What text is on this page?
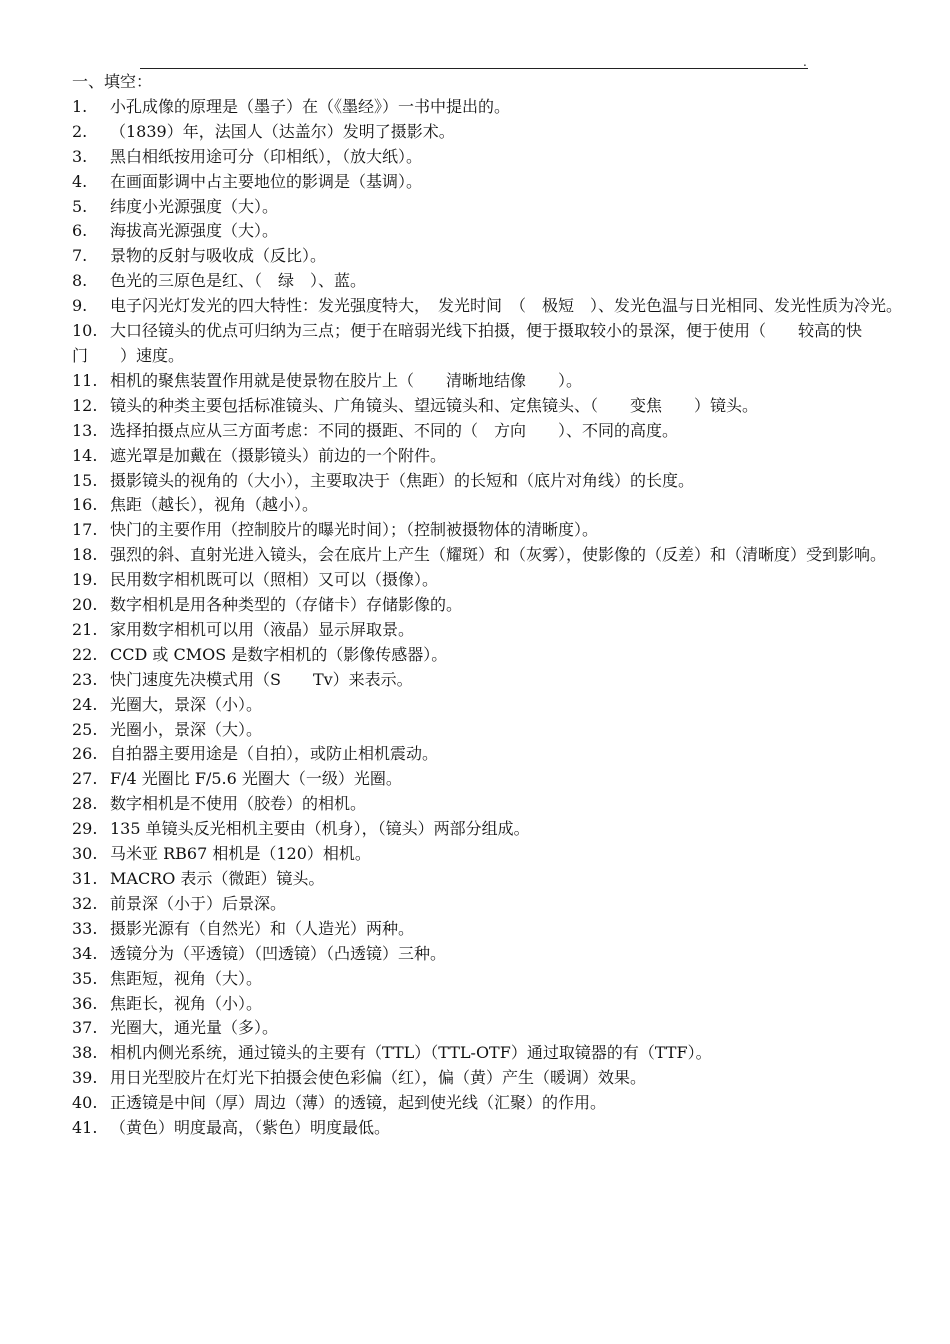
.
一、填空：
1. 小孔成像的原理是（墨子）在（《墨经》）一书中提出的。
2. （1839）年，法国人（达盖尔）发明了摄影术。
3. 黑白相纸按用途可分（印相纸），（放大纸）。
4. 在画面影调中占主要地位的影调是（基调）。
5. 纬度小光源强度（大）。
6. 海拔高光源强度（大）。
7. 景物的反射与吸收成（反比）。
8. 色光的三原色是红、（　绿　）、蓝。
9. 电子闪光灯发光的四大特性：发光强度特大，　发光时间　（　极短　）、发光色温与日光相同、发光性质为冷光。
10. 大口径镜头的优点可归纳为三点；便于在暗弱光线下拍摄，便于摄取较小的景深，便于使用（　　较高的快门　　）速度。
11. 相机的聚焦装置作用就是使景物在胶片上（　　清晰地结像　　）。
12. 镜头的种类主要包括标准镜头、广角镜头、望远镜头和、定焦镜头、（　　变焦　　）镜头。
13. 选择拍摄点应从三方面考虑：不同的摄距、不同的（　方向　　）、不同的高度。
14. 遮光罩是加戴在（摄影镜头）前边的一个附件。
15. 摄影镜头的视角的（大小），主要取决于（焦距）的长短和（底片对角线）的长度。
16. 焦距（越长），视角（越小）。
17. 快门的主要作用（控制胶片的曝光时间）；（控制被摄物体的清晰度）。
18. 强烈的斜、直射光进入镜头，会在底片上产生（耀斑）和（灰雾），使影像的（反差）和（清晰度）受到影响。
19. 民用数字相机既可以（照相）又可以（摄像）。
20. 数字相机是用各种类型的（存储卡）存储影像的。
21. 家用数字相机可以用（液晶）显示屏取景。
22. CCD 或 CMOS 是数字相机的（影像传感器）。
23. 快门速度先决模式用（S　　Tv）来表示。
24. 光圈大，景深（小）。
25. 光圈小，景深（大）。
26. 自拍器主要用途是（自拍），或防止相机震动。
27. F/4 光圈比 F/5.6 光圈大（一级）光圈。
28. 数字相机是不使用（胶卷）的相机。
29. 135 单镜头反光相机主要由（机身），（镜头）两部分组成。
30. 马米亚 RB67 相机是（120）相机。
31. MACRO 表示（微距）镜头。
32. 前景深（小于）后景深。
33. 摄影光源有（自然光）和（人造光）两种。
34. 透镜分为（平透镜）（凹透镜）（凸透镜）三种。
35. 焦距短，视角（大）。
36. 焦距长，视角（小）。
37. 光圈大，通光量（多）。
38. 相机内侧光系统，通过镜头的主要有（TTL）（TTL-OTF）通过取镜器的有（TTF）。
39. 用日光型胶片在灯光下拍摄会使色彩偏（红），偏（黄）产生（暖调）效果。
40. 正透镜是中间（厚）周边（薄）的透镜，起到使光线（汇聚）的作用。
41. （黄色）明度最高，（紫色）明度最低。
